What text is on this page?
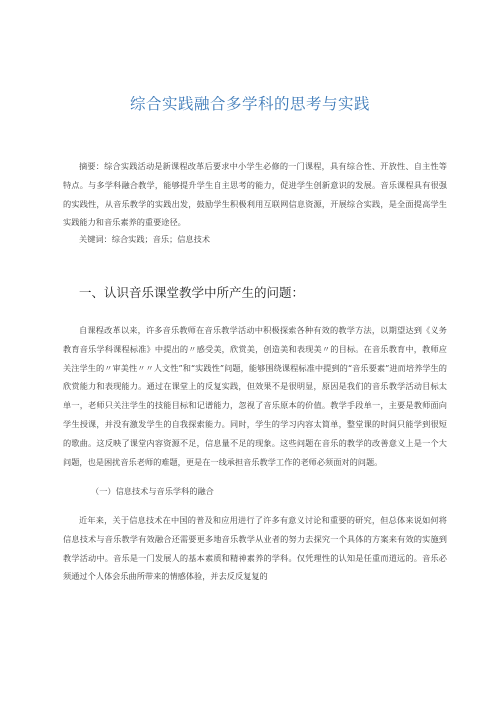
综合实践融合多学科的思考与实践

摘要：综合实践活动是新课程改革后要求中小学生必修的一门课程，具有综合性、开放性、自主性等特点。与多学科融合教学，能够提升学生自主思考的能力，促进学生创新意识的发展。音乐课程具有很强的实践性，从音乐教学的实践出发，鼓励学生积极利用互联网信息资源，开展综合实践，是全面提高学生实践能力和音乐素养的重要途径。

关键词：综合实践；音乐；信息技术

一、认识音乐课堂教学中所产生的问题：

自课程改革以来，许多音乐教师在音乐教学活动中积极探索各种有效的教学方法，以期望达到《义务教育音乐学科课程标准》中提出的〃感受美，欣赏美，创造美和表现美〃的目标。在音乐教育中，教师应关注学生的〃审美性〃〃人文性”和“实践性”问题，能够围绕课程标准中提到的“音乐要素”进而培养学生的欣赏能力和表现能力。通过在课堂上的反复实践，但效果不是很明显，原因是我们的音乐教学活动目标太单一，老师只关注学生的技能目标和记谱能力，忽视了音乐原本的价值。教学手段单一，主要是教师面向学生授课，并没有激发学生的自我探索能力。同时，学生的学习内容太简单，整堂课的时间只能学到很短的歌曲。这反映了课堂内容资源不足，信息量不足的现象。这些问题在音乐的教学的改善意义上是一个大问题，也是困扰音乐老师的难题，更是在一线承担音乐教学工作的老师必须面对的问题。

（一）信息技术与音乐学科的融合

近年来，关于信息技术在中国的普及和应用进行了许多有意义讨论和重要的研究，但总体来说如何将信息技术与音乐教学有效融合还需要更多地音乐教学从业者的努力去探究一个具体的方案来有效的实施到教学活动中。音乐是一门发展人的基本素质和精神素养的学科。仅凭理性的认知是任重而道远的。音乐必须通过个人体会乐曲所带来的情感体验，并去反反复复的
